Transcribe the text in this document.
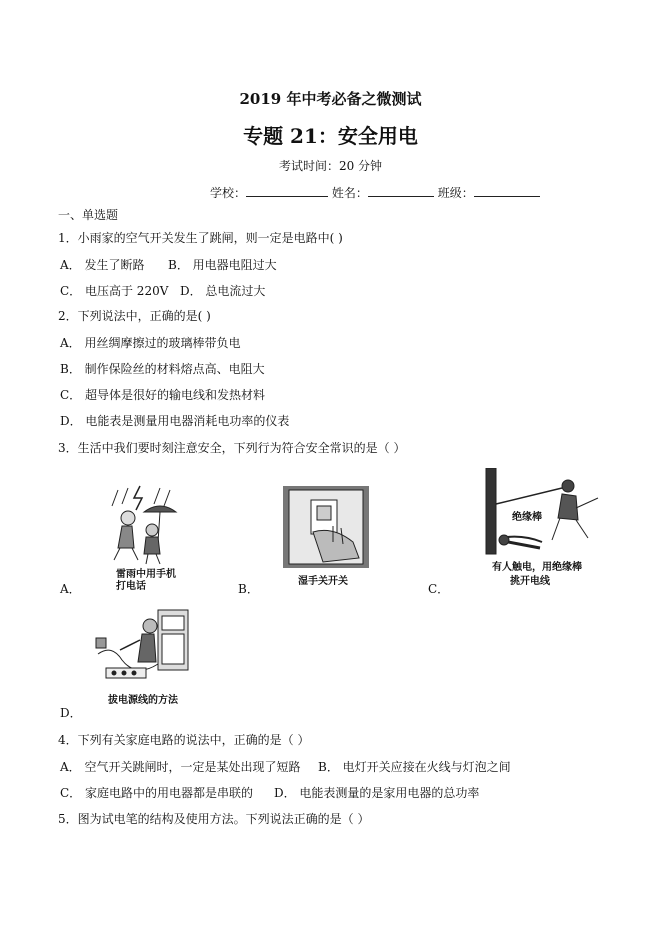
2019 年中考必备之微测试
专题 21：安全用电
考试时间：20 分钟
学校：	姓名：	班级：
一、单选题
1．小雨家的空气开关发生了跳闸，则一定是电路中( )
A． 发生了断路 B． 用电器电阻过大
C． 电压高于 220V D． 总电流过大
2．下列说法中，正确的是( )
A． 用丝绸摩擦过的玻璃棒带负电
B． 制作保险丝的材料熔点高、电阻大
C． 超导体是很好的输电线和发热材料
D． 电能表是测量用电器消耗电功率的仪表
3．生活中我们要时刻注意安全，下列行为符合安全常识的是（ ）
雷雨中用手机
打电话
A．
湿手关开关
B．
绝缘棒
有人触电，用绝缘棒
挑开电线
C．
拔电源线的方法
D．
4．下列有关家庭电路的说法中，正确的是（ ）
A． 空气开关跳闸时，一定是某处出现了短路 B． 电灯开关应接在火线与灯泡之间
C． 家庭电路中的用电器都是串联的 D． 电能表测量的是家用电器的总功率
5．图为试电笔的结构及使用方法。下列说法正确的是（ ）
